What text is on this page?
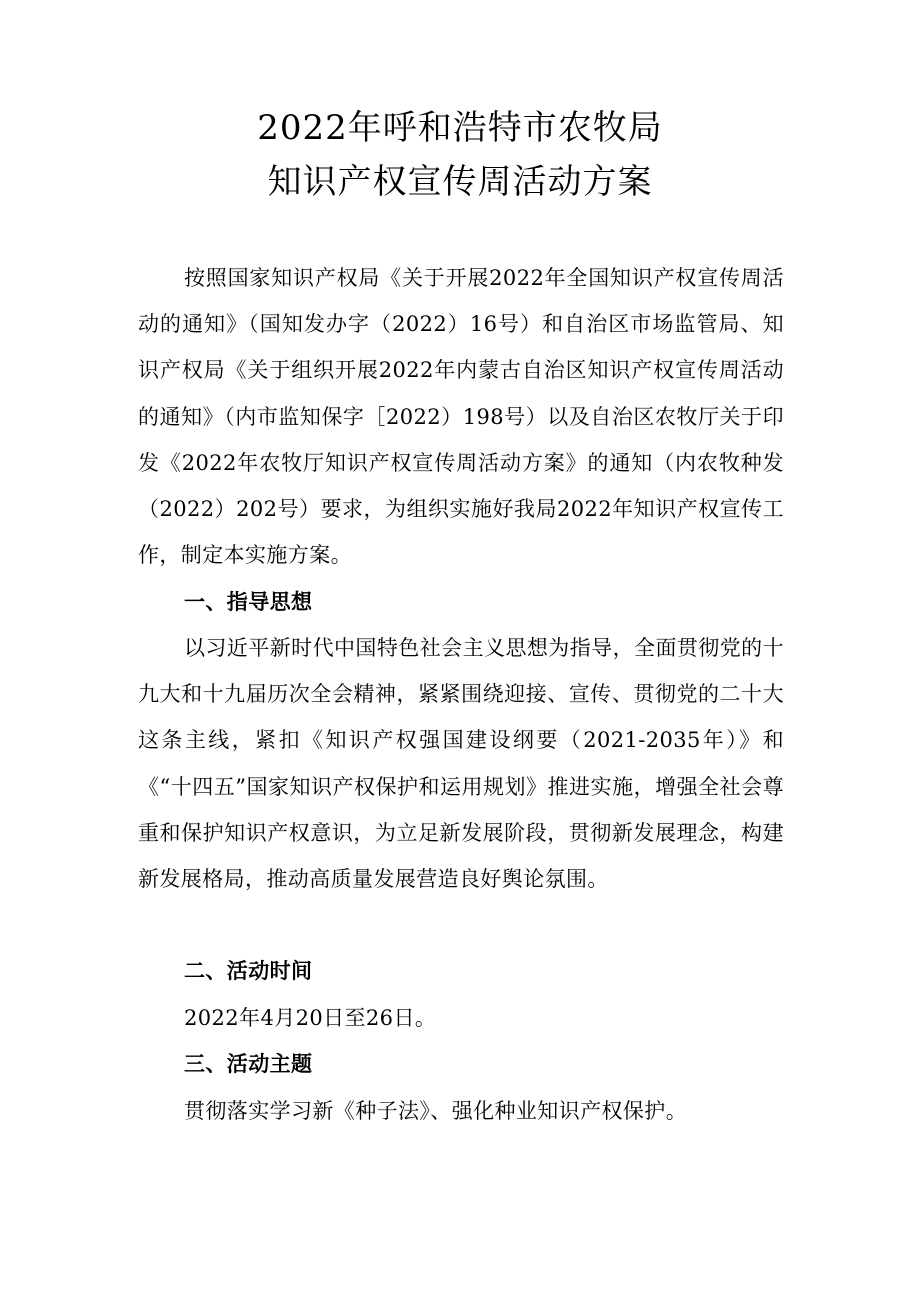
2022年呼和浩特市农牧局
知识产权宣传周活动方案

按照国家知识产权局《关于开展2022年全国知识产权宣传周活动的通知》（国知发办字（2022）16号）和自治区市场监管局、知识产权局《关于组织开展2022年内蒙古自治区知识产权宣传周活动的通知》（内市监知保字［2022）198号）以及自治区农牧厅关于印发《2022年农牧厅知识产权宣传周活动方案》的通知（内农牧种发（2022）202号）要求，为组织实施好我局2022年知识产权宣传工作，制定本实施方案。

一、指导思想

以习近平新时代中国特色社会主义思想为指导，全面贯彻党的十九大和十九届历次全会精神，紧紧围绕迎接、宣传、贯彻党的二十大这条主线，紧扣《知识产权强国建设纲要（2021-2035年）》和《“十四五”国家知识产权保护和运用规划》推进实施，增强全社会尊重和保护知识产权意识，为立足新发展阶段，贯彻新发展理念，构建新发展格局，推动高质量发展营造良好舆论氛围。

二、活动时间

2022年4月20日至26日。

三、活动主题

贯彻落实学习新《种子法》、强化种业知识产权保护。
